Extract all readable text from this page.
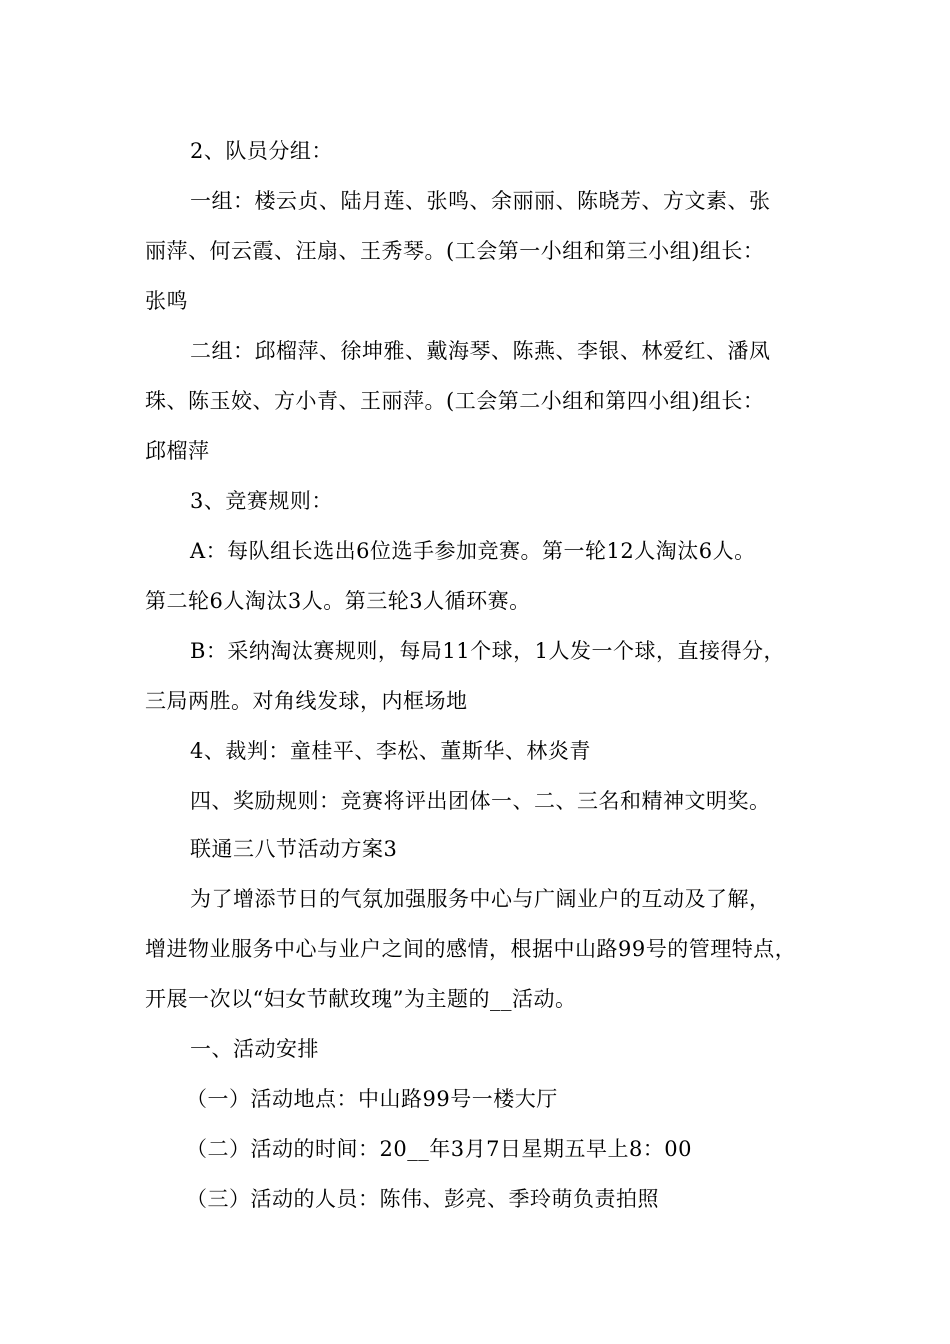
2、队员分组：
一组：楼云贞、陆月莲、张鸣、余丽丽、陈晓芳、方文素、张
丽萍、何云霞、汪扇、王秀琴。(工会第一小组和第三小组)组长：
张鸣
二组：邱榴萍、徐坤雅、戴海琴、陈燕、李银、林爱红、潘凤
珠、陈玉姣、方小青、王丽萍。(工会第二小组和第四小组)组长：
邱榴萍
3、竞赛规则：
A：每队组长选出6位选手参加竞赛。第一轮12人淘汰6人。
第二轮6人淘汰3人。第三轮3人循环赛。
B：采纳淘汰赛规则，每局11个球，1人发一个球，直接得分，
三局两胜。对角线发球，内框场地
4、裁判：童桂平、李松、董斯华、林炎青
四、奖励规则：竞赛将评出团体一、二、三名和精神文明奖。
联通三八节活动方案3
为了增添节日的气氛加强服务中心与广阔业户的互动及了解，
增进物业服务中心与业户之间的感情，根据中山路99号的管理特点，
开展一次以“妇女节献玫瑰”为主题的__活动。
一、活动安排
（一）活动地点：中山路99号一楼大厅
（二）活动的时间：20__年3月7日星期五早上8：00
（三）活动的人员：陈伟、彭亮、季玲萌负责拍照
